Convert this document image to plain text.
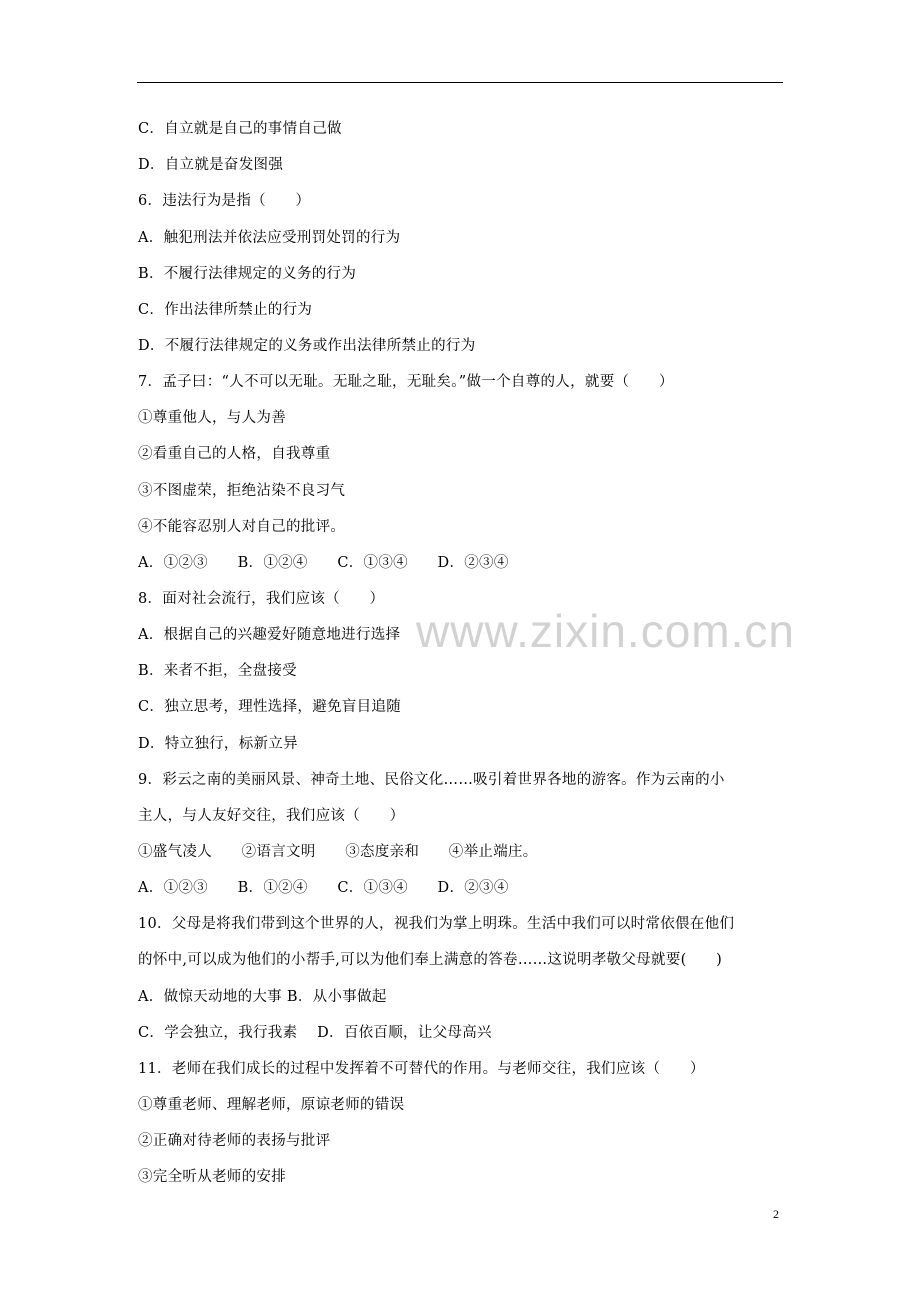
www.zixin.com.cn
C．自立就是自己的事情自己做
D．自立就是奋发图强
6．违法行为是指（　　）
A．触犯刑法并依法应受刑罚处罚的行为
B．不履行法律规定的义务的行为
C．作出法律所禁止的行为
D．不履行法律规定的义务或作出法律所禁止的行为
7．孟子曰：“人不可以无耻。无耻之耻，无耻矣。”做一个自尊的人，就要（　　）
①尊重他人，与人为善
②看重自己的人格，自我尊重
③不图虚荣，拒绝沾染不良习气
④不能容忍别人对自己的批评。
A．①②③　　B．①②④　　C．①③④　　D．②③④
8．面对社会流行，我们应该（　　）
A．根据自己的兴趣爱好随意地进行选择
B．来者不拒，全盘接受
C．独立思考，理性选择，避免盲目追随
D．特立独行，标新立异
9．彩云之南的美丽风景、神奇土地、民俗文化……吸引着世界各地的游客。作为云南的小
主人，与人友好交往，我们应该（　　）
①盛气凌人　　②语言文明　　③态度亲和　　④举止端庄。
A．①②③　　B．①②④　　C．①③④　　D．②③④
10．父母是将我们带到这个世界的人，视我们为掌上明珠。生活中我们可以时常依偎在他们
的怀中,可以成为他们的小帮手,可以为他们奉上满意的答卷……这说明孝敬父母就要(　　)
A．做惊天动地的大事 B．从小事做起
C．学会独立，我行我素　 D．百依百顺，让父母高兴
11．老师在我们成长的过程中发挥着不可替代的作用。与老师交往，我们应该（　　）
①尊重老师、理解老师，原谅老师的错误
②正确对待老师的表扬与批评
③完全听从老师的安排
2
